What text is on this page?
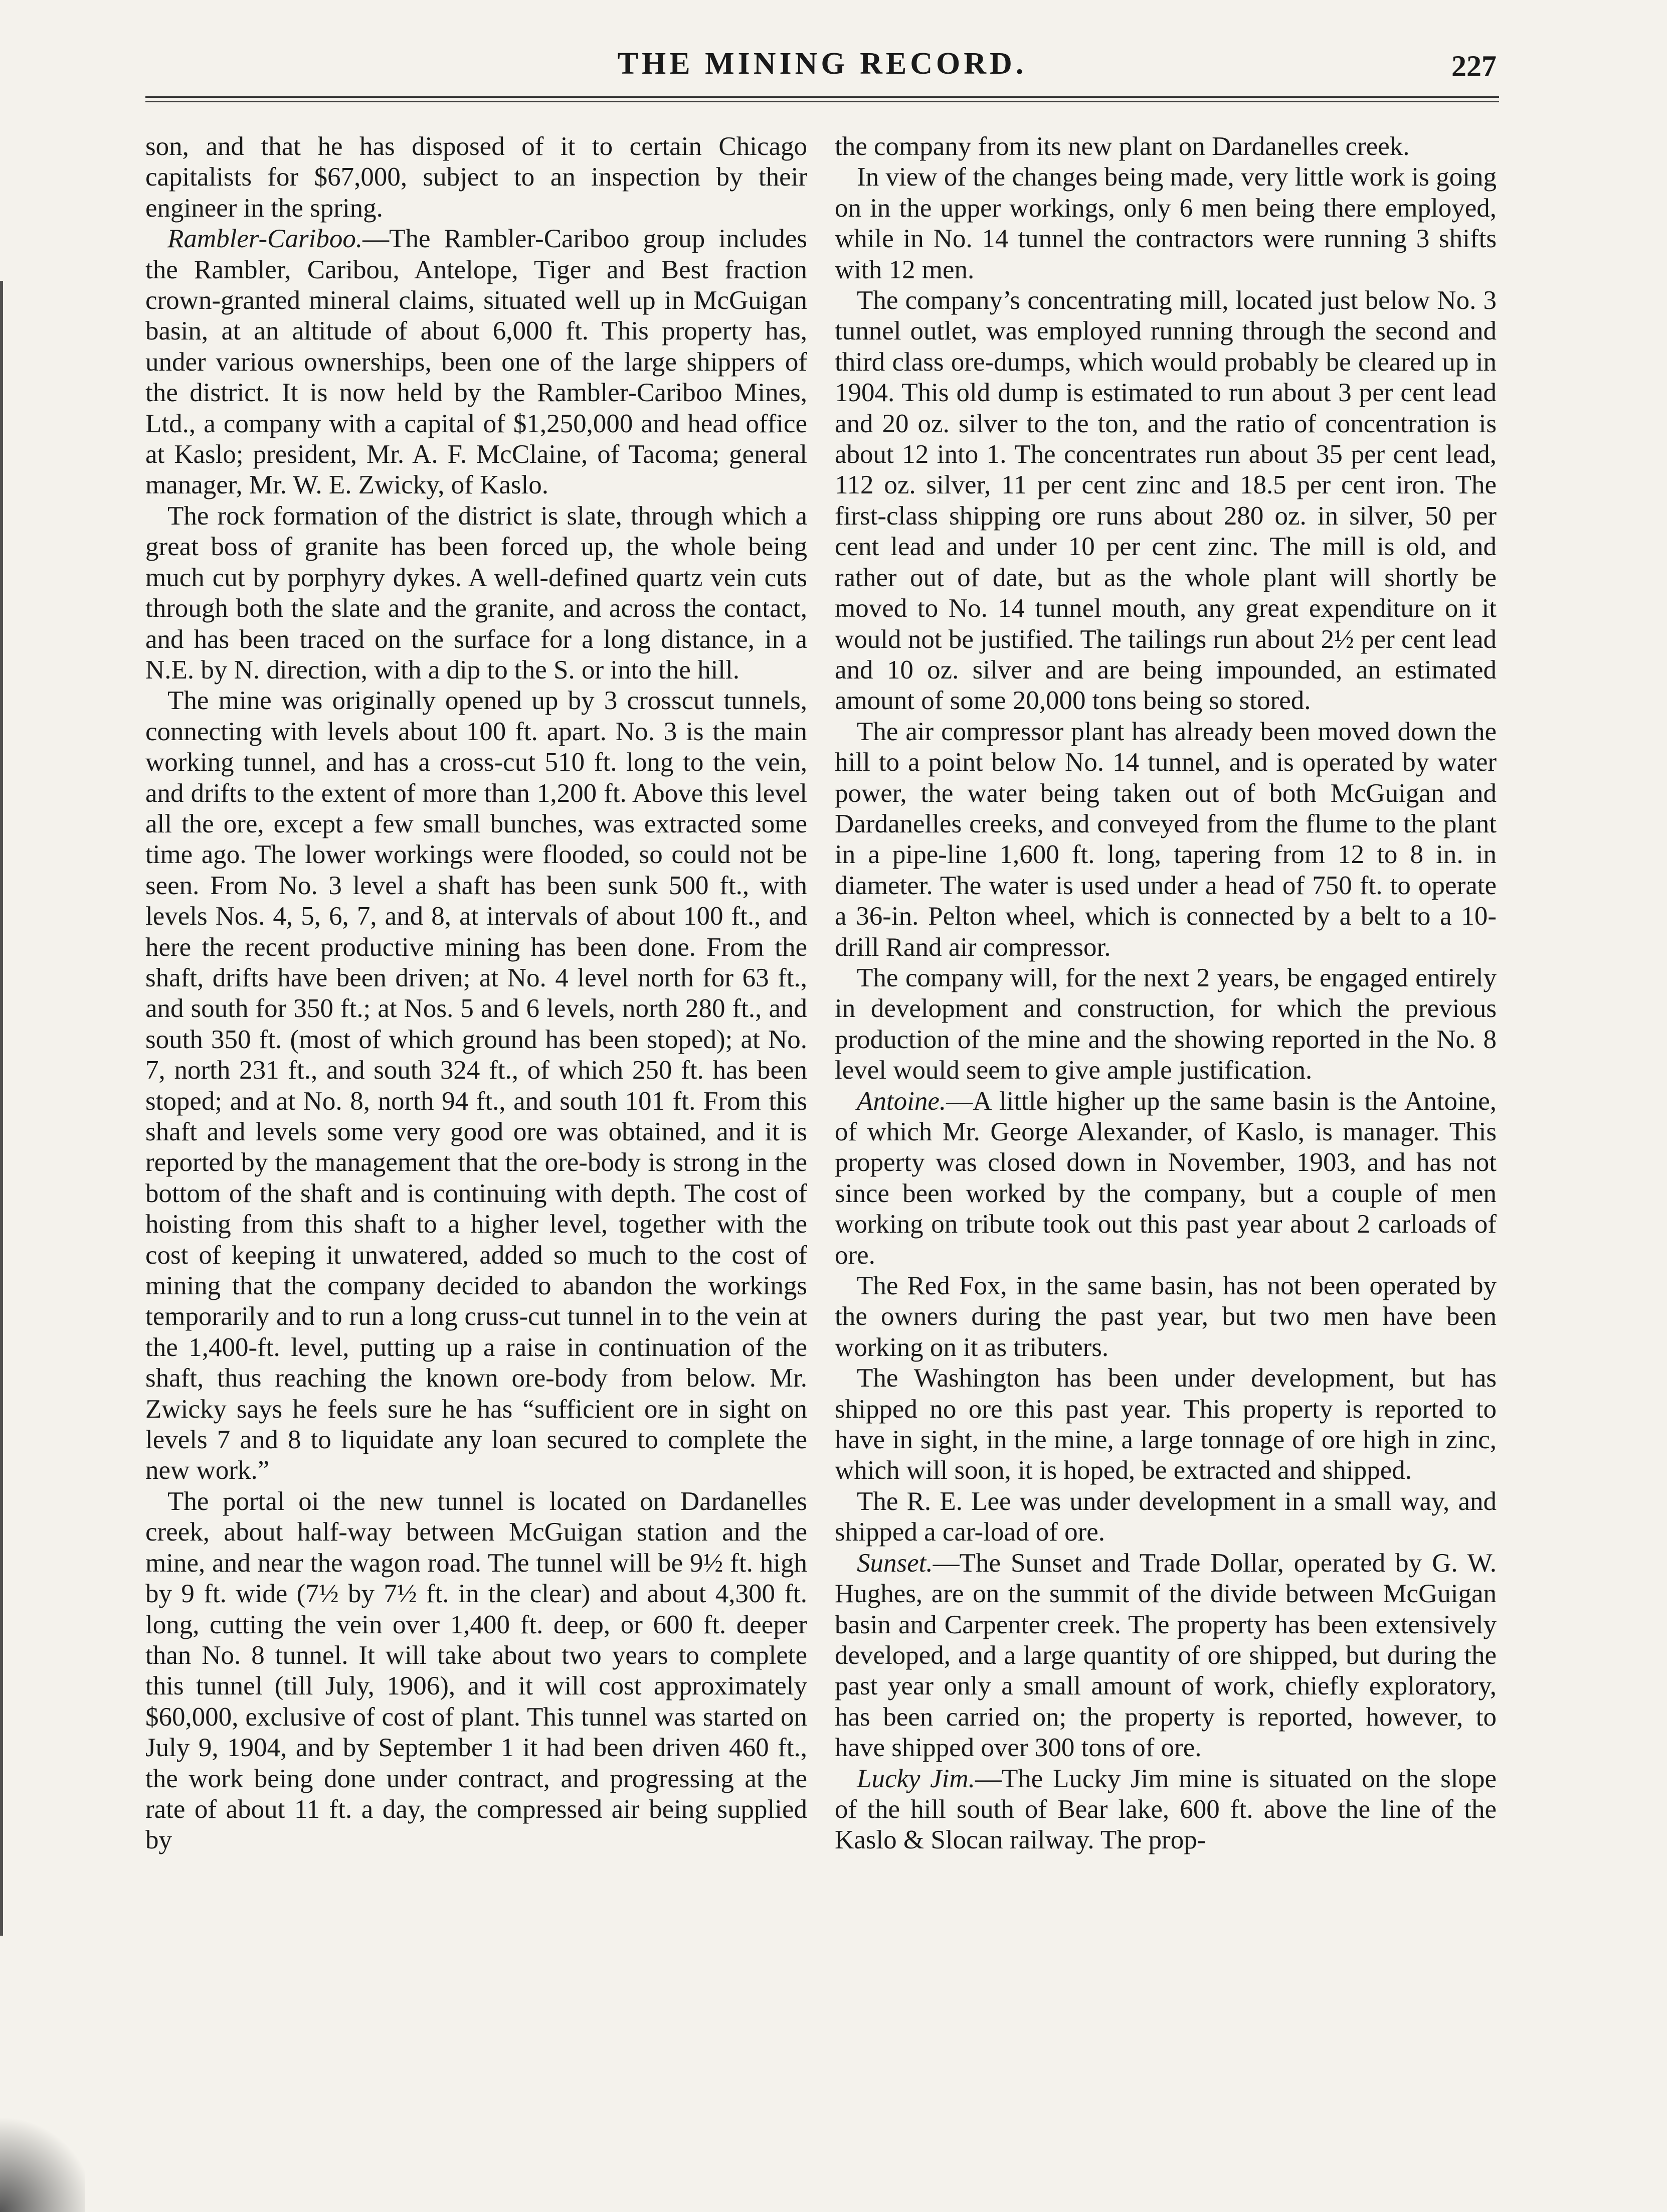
THE MINING RECORD.	227

son, and that he has disposed of it to certain Chicago capitalists for $67,000, subject to an inspection by their engineer in the spring.

Rambler-Cariboo.—The Rambler-Cariboo group includes the Rambler, Caribou, Antelope, Tiger and Best fraction crown-granted mineral claims, situated well up in McGuigan basin, at an altitude of about 6,000 ft. This property has, under various ownerships, been one of the large shippers of the district. It is now held by the Rambler-Cariboo Mines, Ltd., a company with a capital of $1,250,000 and head office at Kaslo; president, Mr. A. F. McClaine, of Tacoma; general manager, Mr. W. E. Zwicky, of Kaslo.

The rock formation of the district is slate, through which a great boss of granite has been forced up, the whole being much cut by porphyry dykes. A well-defined quartz vein cuts through both the slate and the granite, and across the contact, and has been traced on the surface for a long distance, in a N.E. by N. direction, with a dip to the S. or into the hill.

The mine was originally opened up by 3 crosscut tunnels, connecting with levels about 100 ft. apart. No. 3 is the main working tunnel, and has a cross-cut 510 ft. long to the vein, and drifts to the extent of more than 1,200 ft. Above this level all the ore, except a few small bunches, was extracted some time ago. The lower workings were flooded, so could not be seen. From No. 3 level a shaft has been sunk 500 ft., with levels Nos. 4, 5, 6, 7, and 8, at intervals of about 100 ft., and here the recent productive mining has been done. From the shaft, drifts have been driven; at No. 4 level north for 63 ft., and south for 350 ft.; at Nos. 5 and 6 levels, north 280 ft., and south 350 ft. (most of which ground has been stoped); at No. 7, north 231 ft., and south 324 ft., of which 250 ft. has been stoped; and at No. 8, north 94 ft., and south 101 ft. From this shaft and levels some very good ore was obtained, and it is reported by the management that the ore-body is strong in the bottom of the shaft and is continuing with depth. The cost of hoisting from this shaft to a higher level, together with the cost of keeping it unwatered, added so much to the cost of mining that the company decided to abandon the workings temporarily and to run a long cruss-cut tunnel in to the vein at the 1,400-ft. level, putting up a raise in continuation of the shaft, thus reaching the known ore-body from below. Mr. Zwicky says he feels sure he has “sufficient ore in sight on levels 7 and 8 to liquidate any loan secured to complete the new work.”

The portal oi the new tunnel is located on Dardanelles creek, about half-way between McGuigan station and the mine, and near the wagon road. The tunnel will be 9½ ft. high by 9 ft. wide (7½ by 7½ ft. in the clear) and about 4,300 ft. long, cutting the vein over 1,400 ft. deep, or 600 ft. deeper than No. 8 tunnel. It will take about two years to complete this tunnel (till July, 1906), and it will cost approximately $60,000, exclusive of cost of plant. This tunnel was started on July 9, 1904, and by September 1 it had been driven 460 ft., the work being done under contract, and progressing at the rate of about 11 ft. a day, the compressed air being supplied by

the company from its new plant on Dardanelles creek.

In view of the changes being made, very little work is going on in the upper workings, only 6 men being there employed, while in No. 14 tunnel the contractors were running 3 shifts with 12 men.

The company’s concentrating mill, located just below No. 3 tunnel outlet, was employed running through the second and third class ore-dumps, which would probably be cleared up in 1904. This old dump is estimated to run about 3 per cent lead and 20 oz. silver to the ton, and the ratio of concentration is about 12 into 1. The concentrates run about 35 per cent lead, 112 oz. silver, 11 per cent zinc and 18.5 per cent iron. The first-class shipping ore runs about 280 oz. in silver, 50 per cent lead and under 10 per cent zinc. The mill is old, and rather out of date, but as the whole plant will shortly be moved to No. 14 tunnel mouth, any great expenditure on it would not be justified. The tailings run about 2½ per cent lead and 10 oz. silver and are being impounded, an estimated amount of some 20,000 tons being so stored.

The air compressor plant has already been moved down the hill to a point below No. 14 tunnel, and is operated by water power, the water being taken out of both McGuigan and Dardanelles creeks, and conveyed from the flume to the plant in a pipe-line 1,600 ft. long, tapering from 12 to 8 in. in diameter. The water is used under a head of 750 ft. to operate a 36-in. Pelton wheel, which is connected by a belt to a 10-drill Rand air compressor.

The company will, for the next 2 years, be engaged entirely in development and construction, for which the previous production of the mine and the showing reported in the No. 8 level would seem to give ample justification.

Antoine.—A little higher up the same basin is the Antoine, of which Mr. George Alexander, of Kaslo, is manager. This property was closed down in November, 1903, and has not since been worked by the company, but a couple of men working on tribute took out this past year about 2 carloads of ore.

The Red Fox, in the same basin, has not been operated by the owners during the past year, but two men have been working on it as tributers.

The Washington has been under development, but has shipped no ore this past year. This property is reported to have in sight, in the mine, a large tonnage of ore high in zinc, which will soon, it is hoped, be extracted and shipped.

The R. E. Lee was under development in a small way, and shipped a car-load of ore.

Sunset.—The Sunset and Trade Dollar, operated by G. W. Hughes, are on the summit of the divide between McGuigan basin and Carpenter creek. The property has been extensively developed, and a large quantity of ore shipped, but during the past year only a small amount of work, chiefly exploratory, has been carried on; the property is reported, however, to have shipped over 300 tons of ore.

Lucky Jim.—The Lucky Jim mine is situated on the slope of the hill south of Bear lake, 600 ft. above the line of the Kaslo & Slocan railway. The prop-
